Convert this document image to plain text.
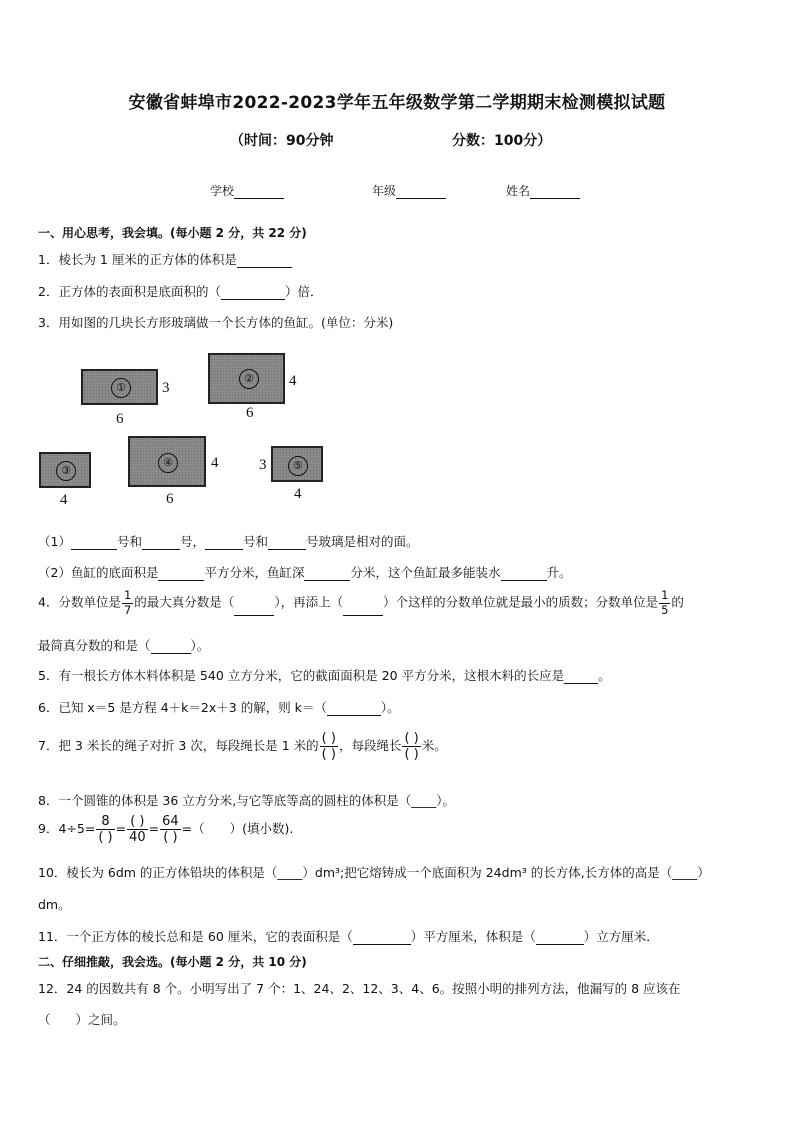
安徽省蚌埠市2022-2023学年五年级数学第二学期期末检测模拟试题
（时间：90分钟	分数：100分）
学校	年级	姓名
一、用心思考，我会填。(每小题 2 分，共 22 分)
1．棱长为 1 厘米的正方体的体积是
2．正方体的表面积是底面积的（	）倍．
3．用如图的几块长方形玻璃做一个长方体的鱼缸。(单位：分米)
①	3
6
②	4
6
③
4
④	4
6
⑤
3
4
（1）	号和	号，	号和	号玻璃是相对的面。
（2）鱼缸的底面积是	平方分米，鱼缸深	分米，这个鱼缸最多能装水	升。
4．分数单位是 $\frac{1}{7}$ 的最大真分数是（	），再添上（	）个这样的分数单位就是最小的质数；分数单位是 $\frac{1}{5}$ 的
最简真分数的和是（	）。
5．有一根长方体木料体积是 540 立方分米，它的截面面积是 20 平方分米，这根木料的长应是	。
6．已知 x＝5 是方程 4＋k＝2x＋3 的解，则 k＝（	）。
7．把 3 米长的绳子对折 3 次，每段绳长是 1 米的 $\frac{( )}{( )}$ ，每段绳长 $\frac{( )}{( )}$ 米。
8．一个圆锥的体积是 36 立方分米,与它等底等高的圆柱的体积是（____）。
9．$4\div 5= \frac{8}{( )} = \frac{( )}{40} = \frac{64}{( )}$ =（　　）(填小数).
10．棱长为 6dm 的正方体铅块的体积是（____）dm³;把它熔铸成一个底面积为 24dm³ 的长方体,长方体的高是（____）
dm。
11．一个正方体的棱长总和是 60 厘米，它的表面积是（	）平方厘米，体积是（	）立方厘米．
二、仔细推敲，我会选。(每小题 2 分，共 10 分)
12．24 的因数共有 8 个。小明写出了 7 个：1、24、2、12、3、4、6。按照小明的排列方法，他漏写的 8 应该在
（　　）之间。
